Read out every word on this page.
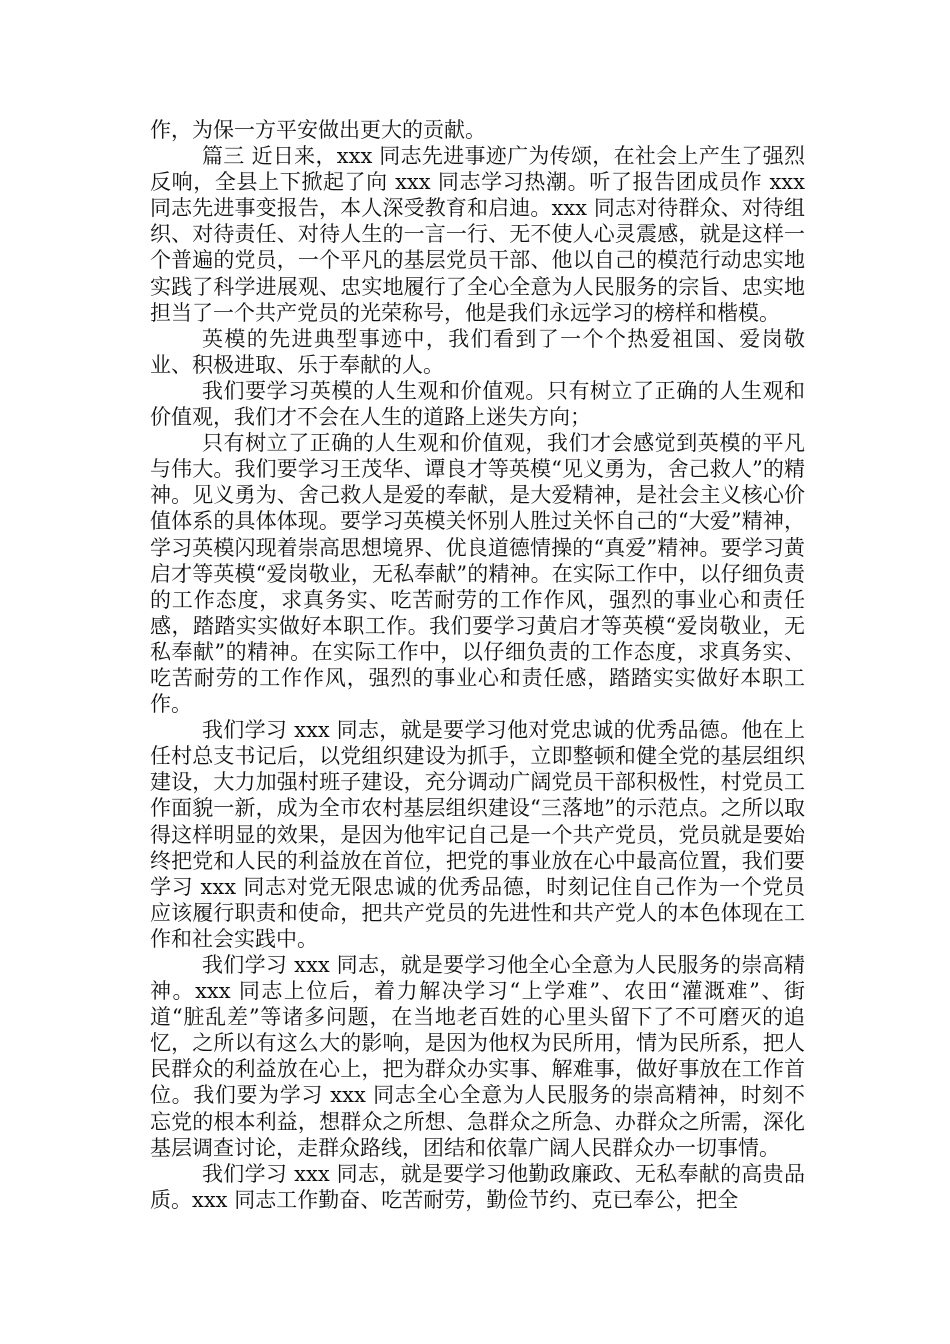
作，为保一方平安做出更大的贡献。

篇三 近日来，xxx 同志先进事迹广为传颂，在社会上产生了强烈反响，全县上下掀起了向 xxx 同志学习热潮。听了报告团成员作 xxx 同志先进事变报告，本人深受教育和启迪。xxx 同志对待群众、对待组织、对待责任、对待人生的一言一行、无不使人心灵震感，就是这样一个普遍的党员，一个平凡的基层党员干部、他以自己的模范行动忠实地实践了科学进展观、忠实地履行了全心全意为人民服务的宗旨、忠实地担当了一个共产党员的光荣称号，他是我们永远学习的榜样和楷模。

英模的先进典型事迹中，我们看到了一个个热爱祖国、爱岗敬业、积极进取、乐于奉献的人。

我们要学习英模的人生观和价值观。只有树立了正确的人生观和价值观，我们才不会在人生的道路上迷失方向；

只有树立了正确的人生观和价值观，我们才会感觉到英模的平凡与伟大。我们要学习王茂华、谭良才等英模“见义勇为，舍己救人”的精神。见义勇为、舍己救人是爱的奉献，是大爱精神，是社会主义核心价值体系的具体体现。要学习英模关怀别人胜过关怀自己的“大爱”精神，学习英模闪现着崇高思想境界、优良道德情操的“真爱”精神。要学习黄启才等英模“爱岗敬业，无私奉献”的精神。在实际工作中，以仔细负责的工作态度，求真务实、吃苦耐劳的工作作风，强烈的事业心和责任感，踏踏实实做好本职工作。我们要学习黄启才等英模“爱岗敬业，无私奉献”的精神。在实际工作中，以仔细负责的工作态度，求真务实、吃苦耐劳的工作作风，强烈的事业心和责任感，踏踏实实做好本职工作。

我们学习 xxx 同志，就是要学习他对党忠诚的优秀品德。他在上任村总支书记后，以党组织建设为抓手，立即整顿和健全党的基层组织建设，大力加强村班子建设，充分调动广阔党员干部积极性，村党员工作面貌一新，成为全市农村基层组织建设“三落地”的示范点。之所以取得这样明显的效果，是因为他牢记自己是一个共产党员，党员就是要始终把党和人民的利益放在首位，把党的事业放在心中最高位置，我们要学习 xxx 同志对党无限忠诚的优秀品德，时刻记住自己作为一个党员应该履行职责和使命，把共产党员的先进性和共产党人的本色体现在工作和社会实践中。

我们学习 xxx 同志，就是要学习他全心全意为人民服务的崇高精神。xxx 同志上位后，着力解决学习“上学难”、农田“灌溉难”、街道“脏乱差”等诸多问题，在当地老百姓的心里头留下了不可磨灭的追忆，之所以有这么大的影响，是因为他权为民所用，情为民所系，把人民群众的利益放在心上，把为群众办实事、解难事，做好事放在工作首位。我们要为学习 xxx 同志全心全意为人民服务的崇高精神，时刻不忘党的根本利益，想群众之所想、急群众之所急、办群众之所需，深化基层调查讨论，走群众路线，团结和依靠广阔人民群众办一切事情。

我们学习 xxx 同志，就是要学习他勤政廉政、无私奉献的高贵品质。xxx 同志工作勤奋、吃苦耐劳，勤俭节约、克已奉公，把全
